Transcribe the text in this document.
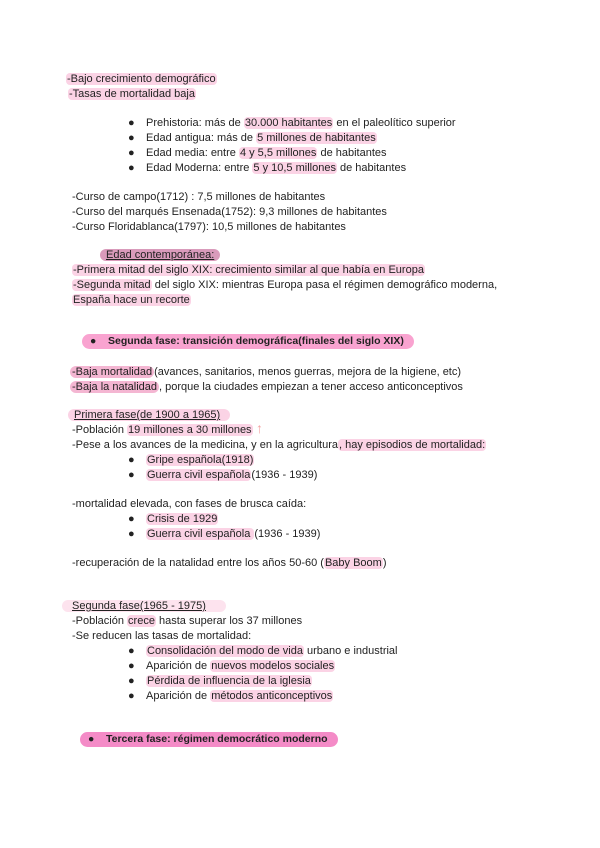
-Bajo crecimiento demográfico
-Tasas de mortalidad baja
● Prehistoria: más de 30.000 habitantes en el paleolítico superior
● Edad antigua: más de 5 millones de habitantes
● Edad media: entre 4 y 5,5 millones de habitantes
● Edad Moderna: entre 5 y 10,5 millones de habitantes
-Curso de campo(1712) : 7,5 millones de habitantes
-Curso del marqués Ensenada(1752): 9,3 millones de habitantes
-Curso Floridablanca(1797): 10,5 millones de habitantes
Edad contemporánea:
-Primera mitad del siglo XIX: crecimiento similar al que había en Europa
-Segunda mitad del siglo XIX: mientras Europa pasa el régimen demográfico moderna,
España hace un recorte
● Segunda fase: transición demográfica(finales del siglo XIX)
-Baja mortalidad (avances, sanitarios, menos guerras, mejora de la higiene, etc)
-Baja la natalidad , porque la ciudades empiezan a tener acceso anticonceptivos
Primera fase(de 1900 a 1965)
-Población 19 millones a 30 millones ↑
-Pese a los avances de la medicina, y en la agricultura, hay episodios de mortalidad:
● Gripe española(1918)
● Guerra civil española(1936 - 1939)
-mortalidad elevada, con fases de brusca caída:
● Crisis de 1929
● Guerra civil española (1936 - 1939)
-recuperación de la natalidad entre los años 50-60 (Baby Boom)
Segunda fase(1965 - 1975)
-Población crece hasta superar los 37 millones
-Se reducen las tasas de mortalidad:
● Consolidación del modo de vida urbano e industrial
● Aparición de nuevos modelos sociales
● Pérdida de influencia de la iglesia
● Aparición de métodos anticonceptivos
● Tercera fase: régimen democrático moderno
